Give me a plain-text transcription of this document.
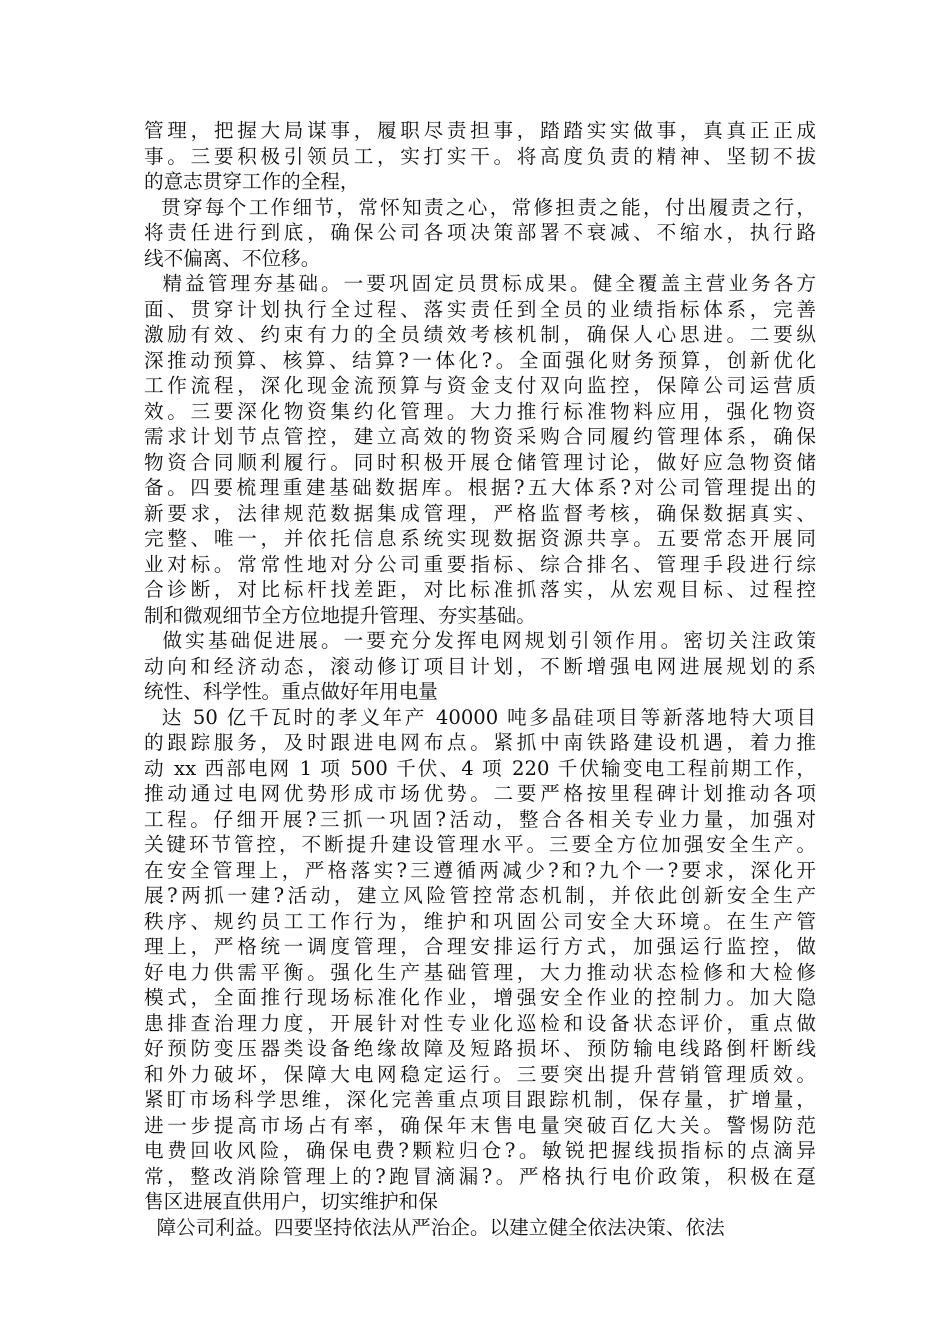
管理，把握大局谋事，履职尽责担事，踏踏实实做事，真真正正成
事。三要积极引领员工，实打实干。将高度负责的精神、坚韧不拔
的意志贯穿工作的全程，
贯穿每个工作细节，常怀知责之心，常修担责之能，付出履责之行，
将责任进行到底，确保公司各项决策部署不衰减、不缩水，执行路
线不偏离、不位移。
精益管理夯基础。一要巩固定员贯标成果。健全覆盖主营业务各方
面、贯穿计划执行全过程、落实责任到全员的业绩指标体系，完善
激励有效、约束有力的全员绩效考核机制，确保人心思进。二要纵
深推动预算、核算、结算?一体化?。全面强化财务预算，创新优化
工作流程，深化现金流预算与资金支付双向监控，保障公司运营质
效。三要深化物资集约化管理。大力推行标准物料应用，强化物资
需求计划节点管控，建立高效的物资采购合同履约管理体系，确保
物资合同顺利履行。同时积极开展仓储管理讨论，做好应急物资储
备。四要梳理重建基础数据库。根据?五大体系?对公司管理提出的
新要求，法律规范数据集成管理，严格监督考核，确保数据真实、
完整、唯一，并依托信息系统实现数据资源共享。五要常态开展同
业对标。常常性地对分公司重要指标、综合排名、管理手段进行综
合诊断，对比标杆找差距，对比标准抓落实，从宏观目标、过程控
制和微观细节全方位地提升管理、夯实基础。
做实基础促进展。一要充分发挥电网规划引领作用。密切关注政策
动向和经济动态，滚动修订项目计划，不断增强电网进展规划的系
统性、科学性。重点做好年用电量
达 50 亿千瓦时的孝义年产 40000 吨多晶硅项目等新落地特大项目
的跟踪服务，及时跟进电网布点。紧抓中南铁路建设机遇，着力推
动 xx 西部电网 1 项 500 千伏、4 项 220 千伏输变电工程前期工作，
推动通过电网优势形成市场优势。二要严格按里程碑计划推动各项
工程。仔细开展?三抓一巩固?活动，整合各相关专业力量，加强对
关键环节管控，不断提升建设管理水平。三要全方位加强安全生产。
在安全管理上，严格落实?三遵循两减少?和?九个一?要求，深化开
展?两抓一建?活动，建立风险管控常态机制，并依此创新安全生产
秩序、规约员工工作行为，维护和巩固公司安全大环境。在生产管
理上，严格统一调度管理，合理安排运行方式，加强运行监控，做
好电力供需平衡。强化生产基础管理，大力推动状态检修和大检修
模式，全面推行现场标准化作业，增强安全作业的控制力。加大隐
患排查治理力度，开展针对性专业化巡检和设备状态评价，重点做
好预防变压器类设备绝缘故障及短路损坏、预防输电线路倒杆断线
和外力破坏，保障大电网稳定运行。三要突出提升营销管理质效。
紧盯市场科学思维，深化完善重点项目跟踪机制，保存量，扩增量，
进一步提高市场占有率，确保年末售电量突破百亿大关。警惕防范
电费回收风险，确保电费?颗粒归仓?。敏锐把握线损指标的点滴异
常，整改消除管理上的?跑冒滴漏?。严格执行电价政策，积极在趸
售区进展直供用户，切实维护和保
障公司利益。四要坚持依法从严治企。以建立健全依法决策、依法
